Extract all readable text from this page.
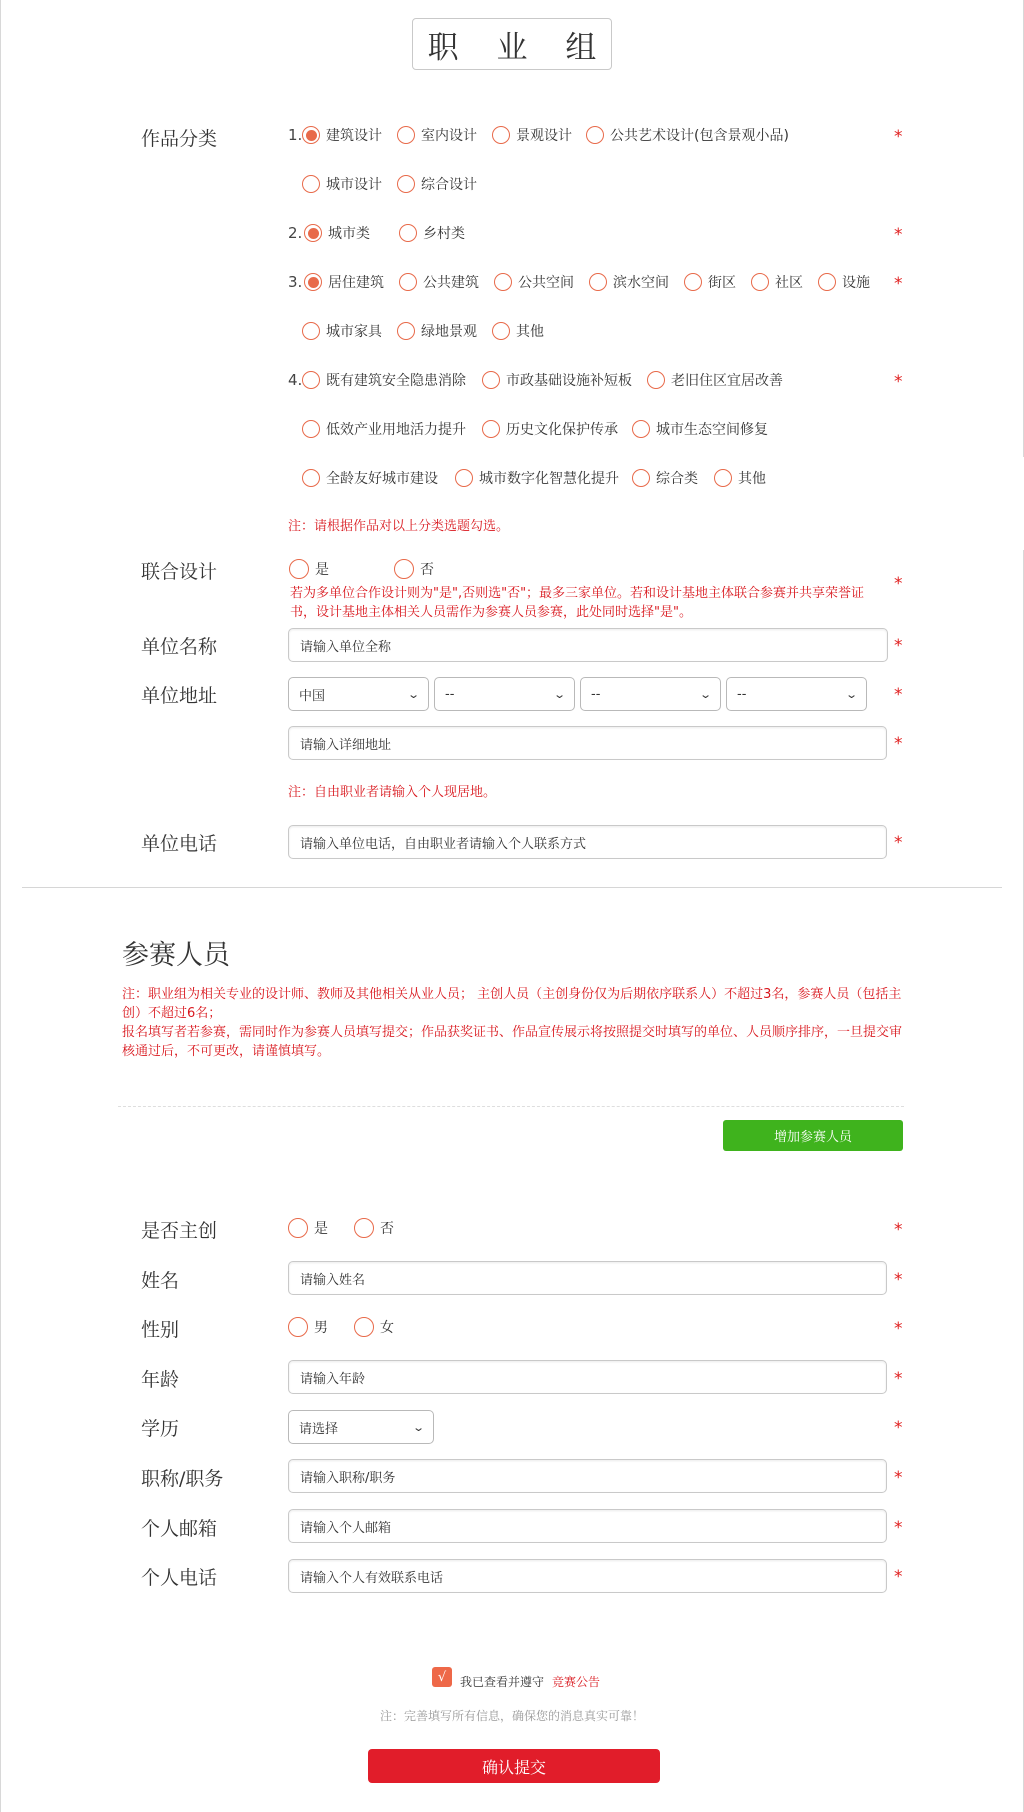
职 业 组
作品分类	1. 建筑设计	室内设计	景观设计	公共艺术设计(包含景观小品)	*
城市设计	综合设计
2. 城市类	乡村类	*
3. 居住建筑	公共建筑	公共空间	滨水空间	街区	社区	设施 *
城市家具	绿地景观	其他
4. 既有建筑安全隐患消除	市政基础设施补短板	老旧住区宜居改善	*
低效产业用地活力提升	历史文化保护传承	城市生态空间修复
全龄友好城市建设	城市数字化智慧化提升	综合类	其他
注：请根据作品对以上分类选题勾选。
联合设计	是	否
若为多单位合作设计则为"是",否则选"否"；最多三家单位。若和设计基地主体联合参赛并共享荣誉证书，设计基地主体相关人员需作为参赛人员参赛，此处同时选择"是"。
*
单位名称	请输入单位全称	*
单位地址	中国	⌄ --	⌄ --	⌄ --	⌄ *
请输入详细地址	*
注：自由职业者请输入个人现居地。
单位电话	请输入单位电话，自由职业者请输入个人联系方式	*
参赛人员
注：职业组为相关专业的设计师、教师及其他相关从业人员； 主创人员（主创身份仅为后期依序联系人）不超过3名，参赛人员（包括主创）不超过6名；
报名填写者若参赛，需同时作为参赛人员填写提交；作品获奖证书、作品宣传展示将按照提交时填写的单位、人员顺序排序，一旦提交审核通过后，不可更改，请谨慎填写。
增加参赛人员
是否主创	是	否	*
姓名	请输入姓名	*
性别	男	女	*
年龄	请输入年龄	*
学历	请选择	⌄	*
职称/职务	请输入职称/职务	*
个人邮箱	请输入个人邮箱	*
个人电话	请输入个人有效联系电话	*
√	我已查看并遵守 竞赛公告
注：完善填写所有信息，确保您的消息真实可靠！
确认提交
